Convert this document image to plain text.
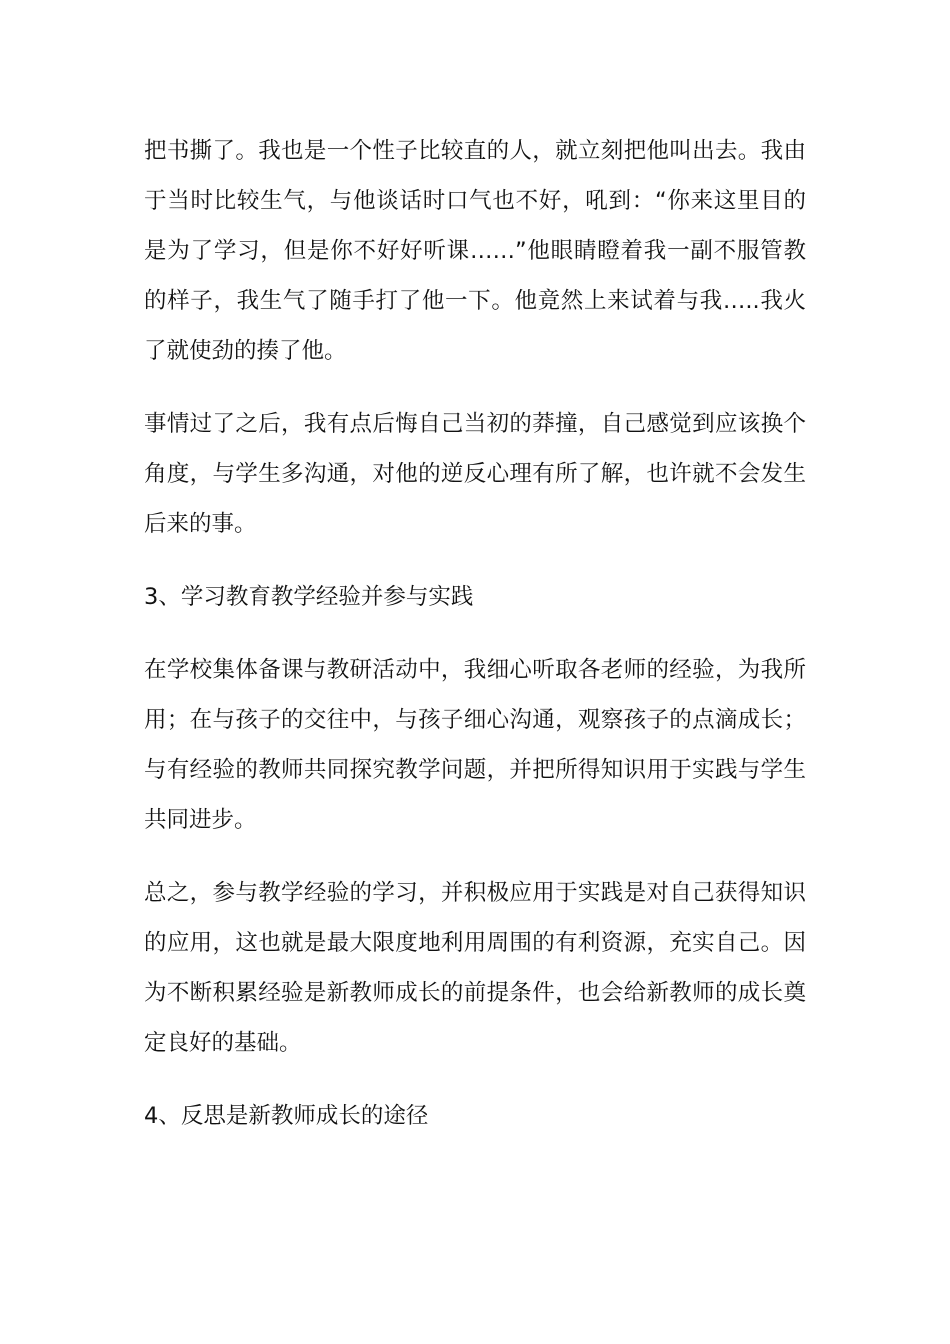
把书撕了。我也是一个性子比较直的人，就立刻把他叫出去。我由于当时比较生气，与他谈话时口气也不好，吼到：“你来这里目的是为了学习，但是你不好好听课……”他眼睛瞪着我一副不服管教的样子，我生气了随手打了他一下。他竟然上来试着与我…..我火了就使劲的揍了他。

事情过了之后，我有点后悔自己当初的莽撞，自己感觉到应该换个角度，与学生多沟通，对他的逆反心理有所了解，也许就不会发生后来的事。

3、学习教育教学经验并参与实践

在学校集体备课与教研活动中，我细心听取各老师的经验，为我所用；在与孩子的交往中，与孩子细心沟通，观察孩子的点滴成长；与有经验的教师共同探究教学问题，并把所得知识用于实践与学生共同进步。

总之，参与教学经验的学习，并积极应用于实践是对自己获得知识的应用，这也就是最大限度地利用周围的有利资源，充实自己。因为不断积累经验是新教师成长的前提条件，也会给新教师的成长奠定良好的基础。

4、反思是新教师成长的途径
